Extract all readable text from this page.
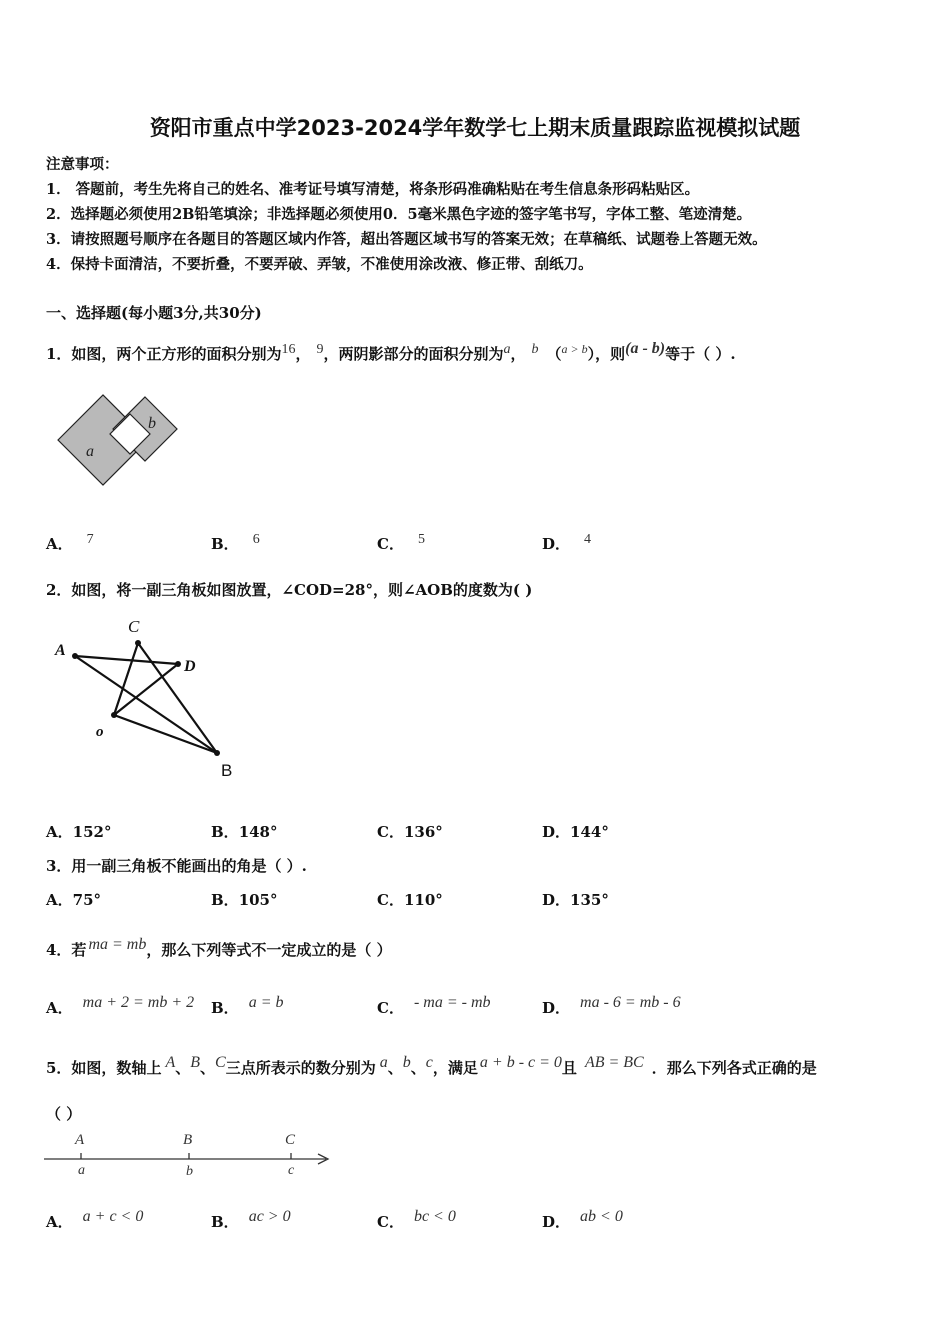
资阳市重点中学2023-2024学年数学七上期末质量跟踪监视模拟试题
注意事项：
1． 答题前，考生先将自己的姓名、准考证号填写清楚，将条形码准确粘贴在考生信息条形码粘贴区。
2．选择题必须使用2B铅笔填涂；非选择题必须使用0．5毫米黑色字迹的签字笔书写，字体工整、笔迹清楚。
3．请按照题号顺序在各题目的答题区域内作答，超出答题区域书写的答案无效；在草稿纸、试题卷上答题无效。
4．保持卡面清洁，不要折叠，不要弄破、弄皱，不准使用涂改液、修正带、刮纸刀。
一、选择题(每小题3分,共30分)
1．如图，两个正方形的面积分别为$^{16}$， $^9$，两阴影部分的面积分别为$^a$， $^b$ （$^{a > b}$），则$^{(a - b)}$等于（ ）.
a
b
A． $^7$	B． $^6$	C． $^5$	D． $^4$
2．如图，将一副三角板如图放置，∠COD=28°，则∠AOB的度数为( )
A
C
D
o
B
A．152°	B．148°	C．136°	D．144°
3．用一副三角板不能画出的角是（ ）.
A．75°	B．105°	C．110°	D．135°
4．若 $^{ma = mb}$，那么下列等式不一定成立的是（ ）
A． $^{ma + 2 = mb + 2}$ B． $^{a = b}$	C． $^{- ma = - mb}$	D． $^{ma - 6 = mb - 6}$
5．如图，数轴上 $^A$、$^B$、$^C$三点所表示的数分别为 $^a$、$^b$、$^c$，满足 $^{a + b - c = 0}$且 $^{AB = BC}$ ．那么下列各式正确的是
（ ）
A	B	C
a	b	c
A． $^{a + c < 0}$	B． $^{ac > 0}$	C． $^{bc < 0}$	D． $^{ab < 0}$
